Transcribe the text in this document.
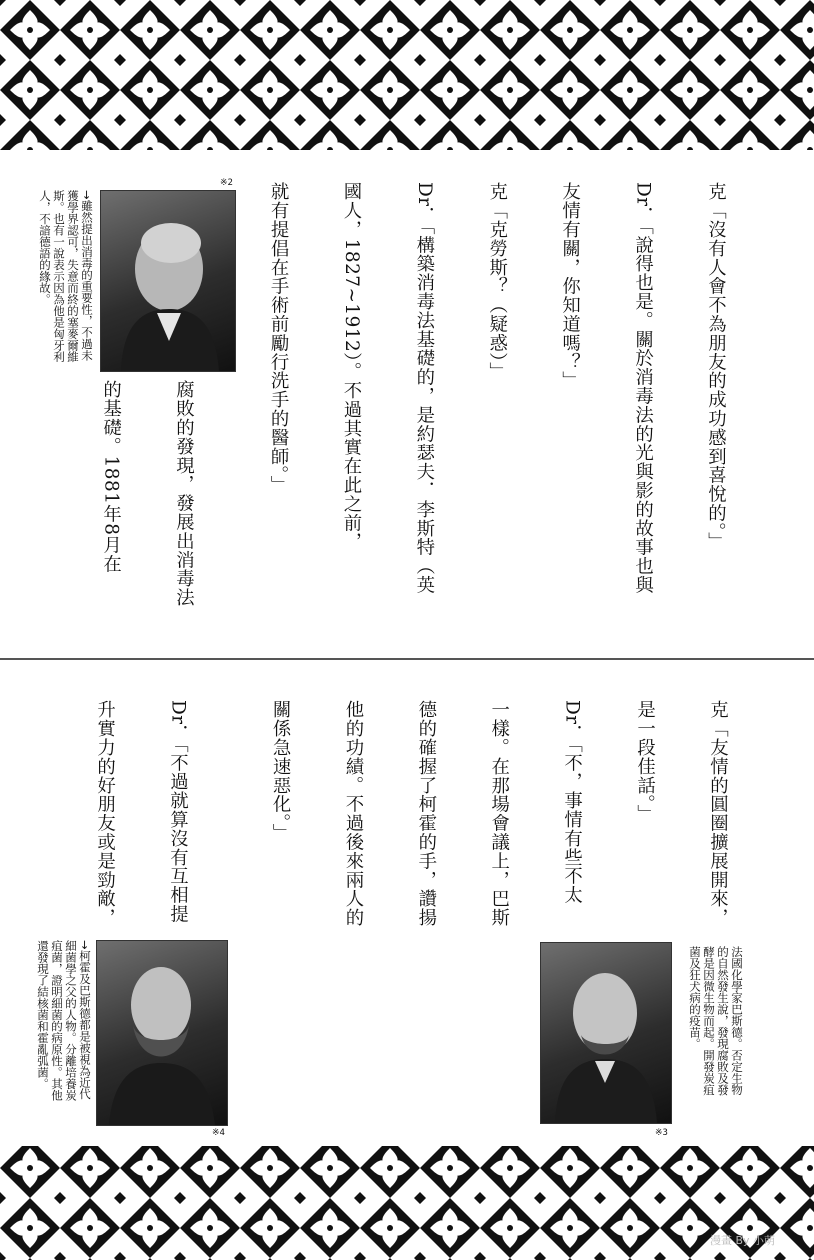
克「沒有人會不為朋友的成功感到喜悅的。」

Dr．「說得也是。關於消毒法的光與影的故事也與

友情有關，你知道嗎？」

克「克勞斯？（疑惑）」

Dr．「構築消毒法基礎的，是約瑟夫．李斯特（英

國人，1827∼1912）。不過其實在此之前，

就有提倡在手術前勵行洗手的醫師。」

腐敗的發現，發展出消毒法

的基礎。1881年8月在

※2
→雖然提出消毒的重要性，不過未
獲學界認可，失意而終的塞麥爾維
斯。也有一說表示因為他是匈牙利
人，不諳德語的緣故。

克「友情的圓圈擴展開來，

是一段佳話。」

Dr．「不，事情有些不太

一樣。在那場會議上，巴斯

德的確握了柯霍的手，讚揚

他的功績。不過後來兩人的

關係急速惡化。」

Dr．「不過就算沒有互相提

升實力的好朋友或是勁敵，

※3
法國化學家巴斯德。否定生物
的自然發生說，發現腐敗及發
酵是因微生物而起。開發炭疽
菌及狂犬病的疫苗。
※4
→柯霍及巴斯德都是被視為近代
細菌學之父的人物。分離培養炭
疽菌，證明細菌的病原性。其他
還發現了結核菌和霍亂弧菌。
漫畫 By 小萌
